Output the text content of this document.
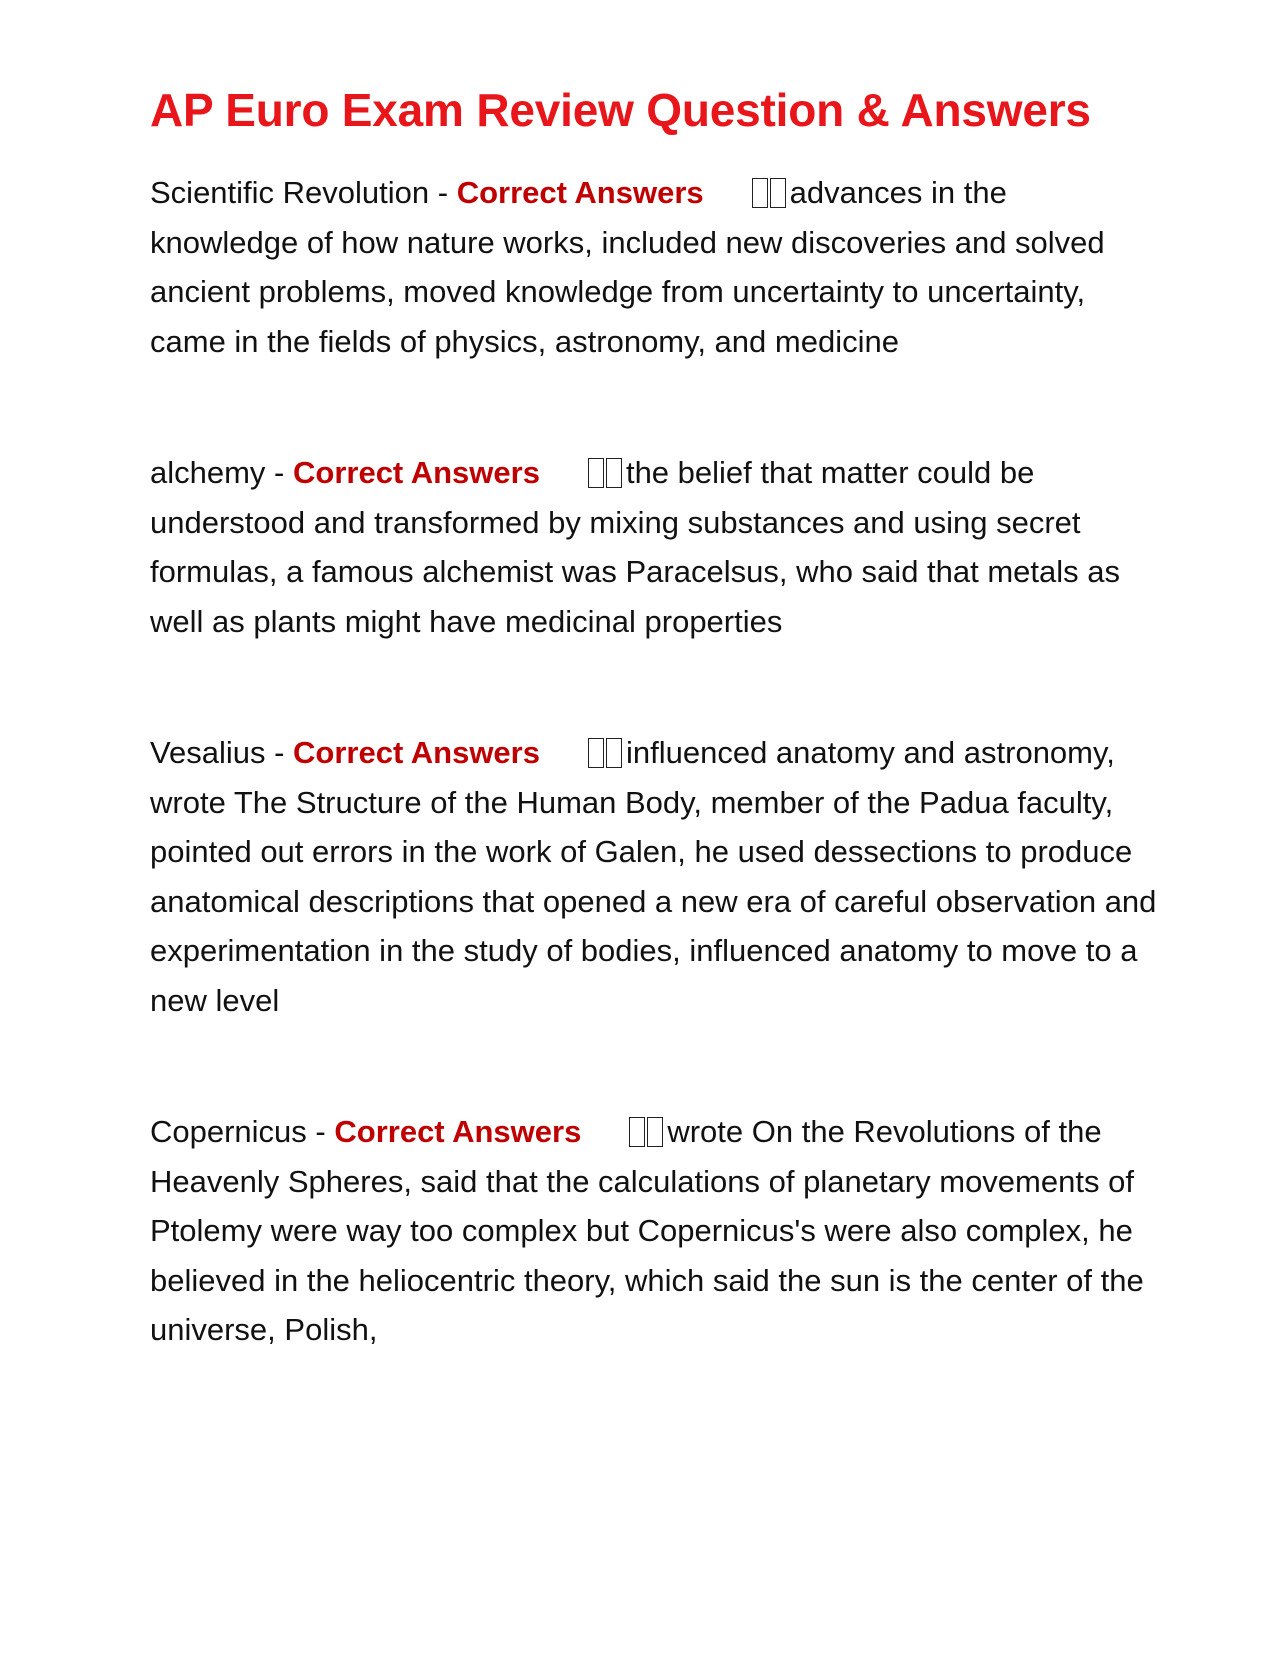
AP Euro Exam Review Question & Answers

Scientific Revolution - Correct Answers	advances in the knowledge of how nature works, included new discoveries and solved ancient problems, moved knowledge from uncertainty to uncertainty, came in the fields of physics, astronomy, and medicine

alchemy - Correct Answers	the belief that matter could be understood and transformed by mixing substances and using secret formulas, a famous alchemist was Paracelsus, who said that metals as well as plants might have medicinal properties

Vesalius - Correct Answers	influenced anatomy and astronomy, wrote The Structure of the Human Body, member of the Padua faculty, pointed out errors in the work of Galen, he used dessections to produce anatomical descriptions that opened a new era of careful observation and experimentation in the study of bodies, influenced anatomy to move to a new level

Copernicus - Correct Answers	wrote On the Revolutions of the Heavenly Spheres, said that the calculations of planetary movements of Ptolemy were way too complex but Copernicus's were also complex, he believed in the heliocentric theory, which said the sun is the center of the universe, Polish,
